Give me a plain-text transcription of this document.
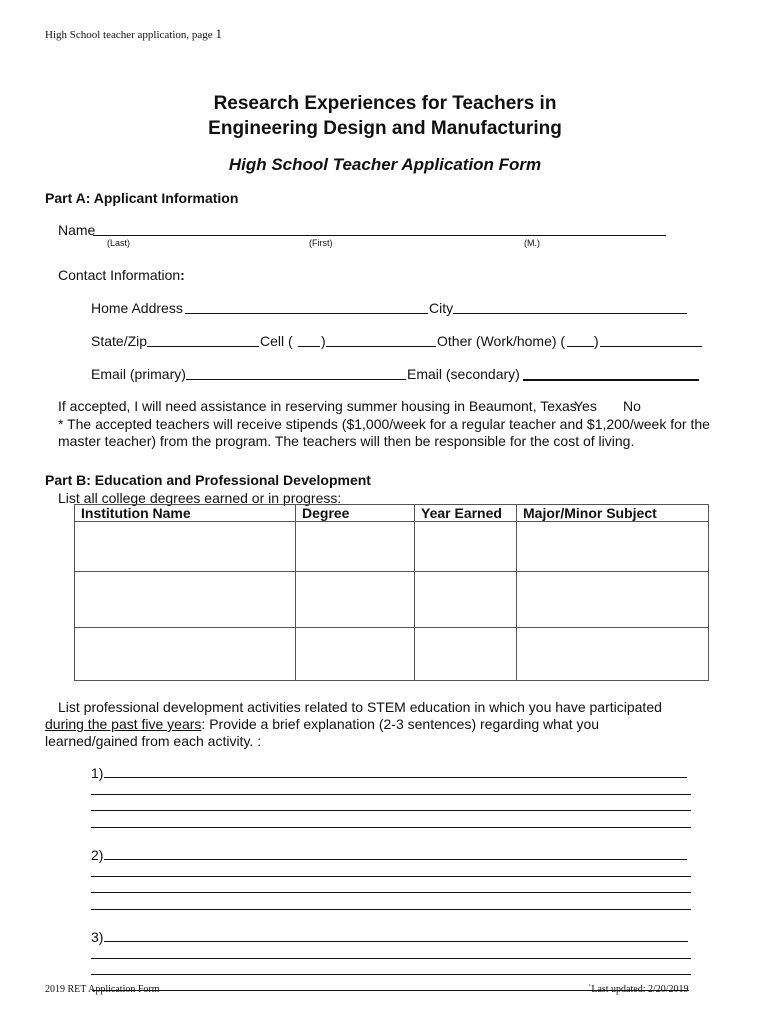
High School teacher application, page 1
Research Experiences for Teachers in
Engineering Design and Manufacturing
High School Teacher Application Form
Part A: Applicant Information
Name
(Last)	(First)	(M.)
Contact Information:
Home Address	City
State/Zip	Cell ( )	Other (Work/home) ( )
Email (primary)	Email (secondary)
If accepted, I will need assistance in reserving summer housing in Beaumont, Texas.
Yes No
* The accepted teachers will receive stipends ($1,000/week for a regular teacher and $1,200/week for the
master teacher) from the program. The teachers will then be responsible for the cost of living.
Part B: Education and Professional Development
List all college degrees earned or in progress:
Institution Name	Degree	Year Earned	Major/Minor Subject

List professional development activities related to STEM education in which you have participated
during the past five years: Provide a brief explanation (2-3 sentences) regarding what you
learned/gained from each activity. :
1)
2)
3)
2019 RET Application Form	`Last updated: 2/20/2019
